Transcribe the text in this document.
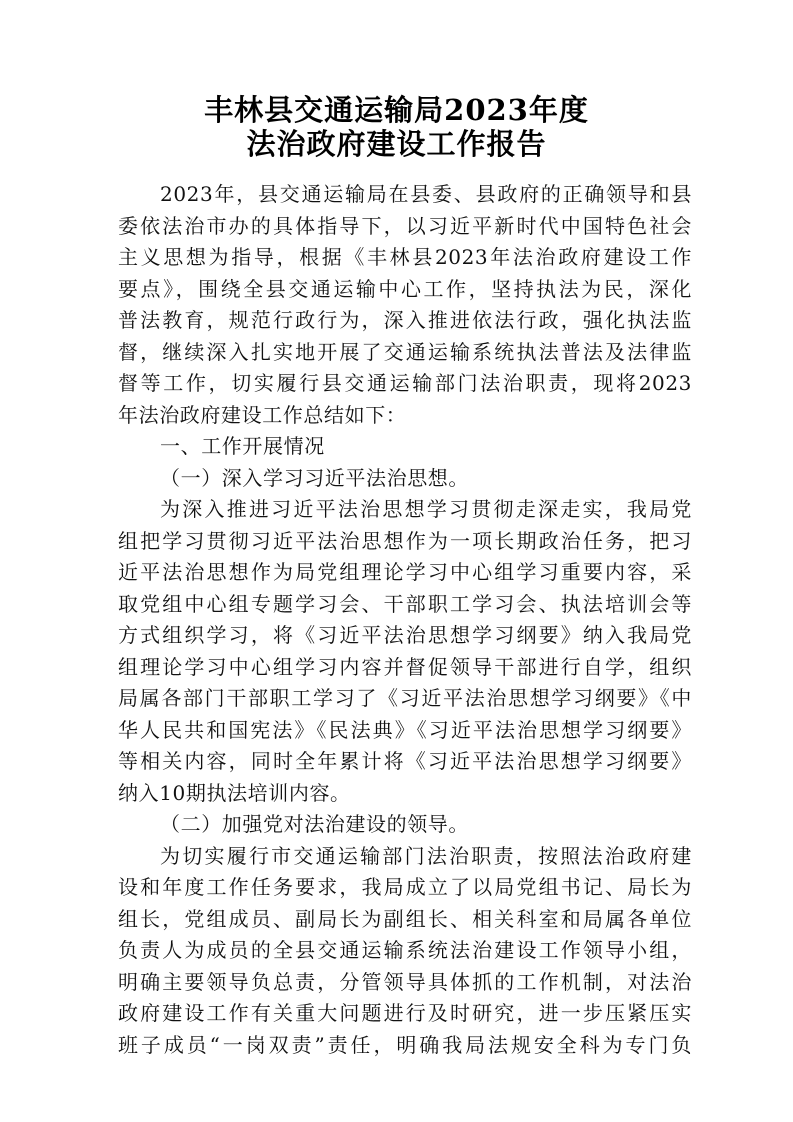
丰林县交通运输局2023年度
法治政府建设工作报告
2023年，县交通运输局在县委、县政府的正确领导和县
委依法治市办的具体指导下，以习近平新时代中国特色社会
主义思想为指导，根据《丰林县2023年法治政府建设工作
要点》，围绕全县交通运输中心工作，坚持执法为民，深化
普法教育，规范行政行为，深入推进依法行政，强化执法监
督，继续深入扎实地开展了交通运输系统执法普法及法律监
督等工作，切实履行县交通运输部门法治职责，现将2023
年法治政府建设工作总结如下：
一、工作开展情况
（一）深入学习习近平法治思想。
为深入推进习近平法治思想学习贯彻走深走实，我局党
组把学习贯彻习近平法治思想作为一项长期政治任务，把习
近平法治思想作为局党组理论学习中心组学习重要内容，采
取党组中心组专题学习会、干部职工学习会、执法培训会等
方式组织学习，将《习近平法治思想学习纲要》纳入我局党
组理论学习中心组学习内容并督促领导干部进行自学，组织
局属各部门干部职工学习了《习近平法治思想学习纲要》《中
华人民共和国宪法》《民法典》《习近平法治思想学习纲要》
等相关内容，同时全年累计将《习近平法治思想学习纲要》
纳入10期执法培训内容。
（二）加强党对法治建设的领导。
为切实履行市交通运输部门法治职责，按照法治政府建
设和年度工作任务要求，我局成立了以局党组书记、局长为
组长，党组成员、副局长为副组长、相关科室和局属各单位
负责人为成员的全县交通运输系统法治建设工作领导小组，
明确主要领导负总责，分管领导具体抓的工作机制，对法治
政府建设工作有关重大问题进行及时研究，进一步压紧压实
班子成员“一岗双责”责任，明确我局法规安全科为专门负
